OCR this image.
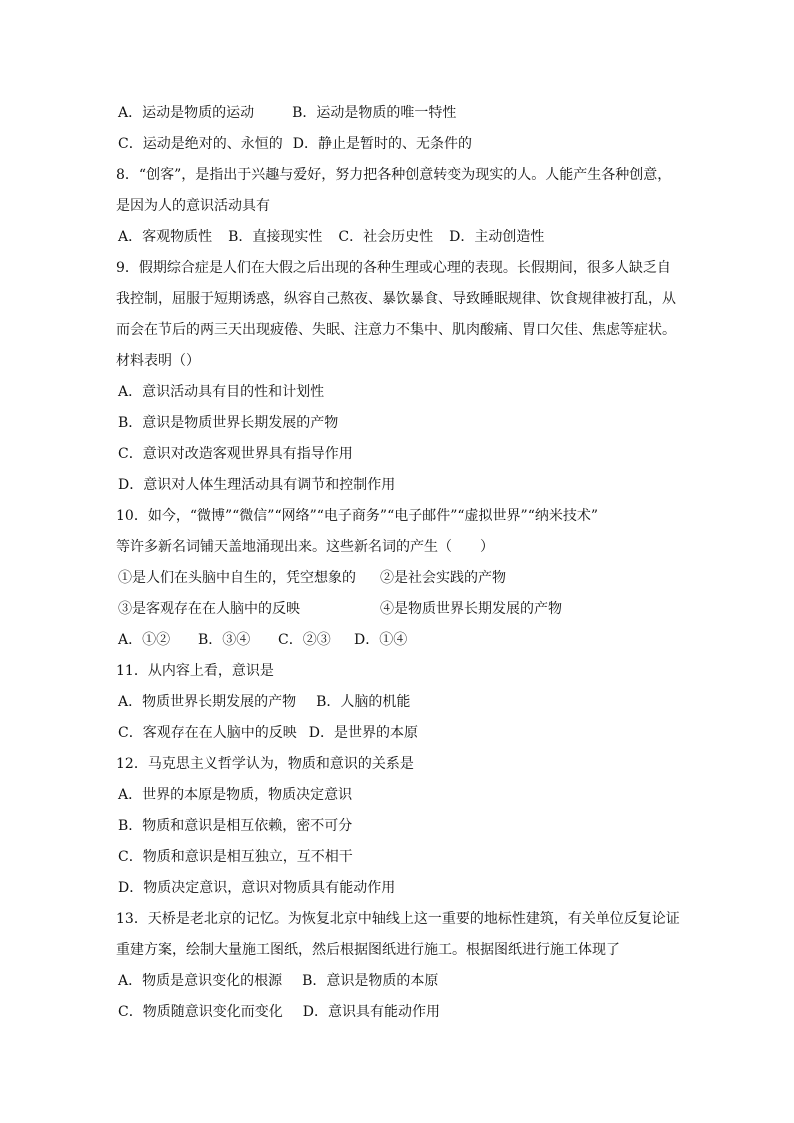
A．运动是物质的运动	B．运动是物质的唯一特性
C．运动是绝对的、永恒的 D．静止是暂时的、无条件的
8．“创客”，是指出于兴趣与爱好，努力把各种创意转变为现实的人。人能产生各种创意，
是因为人的意识活动具有
A．客观物质性 B．直接现实性 C．社会历史性 D．主动创造性
9．假期综合症是人们在大假之后出现的各种生理或心理的表现。长假期间，很多人缺乏自
我控制，屈服于短期诱惑，纵容自己熬夜、暴饮暴食、导致睡眠规律、饮食规律被打乱，从
而会在节后的两三天出现疲倦、失眠、注意力不集中、肌肉酸痛、胃口欠佳、焦虑等症状。
材料表明（）
A．意识活动具有目的性和计划性
B．意识是物质世界长期发展的产物
C．意识对改造客观世界具有指导作用
D．意识对人体生理活动具有调节和控制作用
10．如今，“微博”“微信”“网络”“电子商务”“电子邮件”“虚拟世界”“纳米技术”
等许多新名词铺天盖地涌现出来。这些新名词的产生（　　）
①是人们在头脑中自生的，凭空想象的 ②是社会实践的产物
③是客观存在在人脑中的反映	④是物质世界长期发展的产物
A．①② B．③④ C．②③ D．①④
11．从内容上看，意识是
A．物质世界长期发展的产物 B．人脑的机能
C．客观存在在人脑中的反映 D．是世界的本原
12．马克思主义哲学认为，物质和意识的关系是
A．世界的本原是物质，物质决定意识
B．物质和意识是相互依赖，密不可分
C．物质和意识是相互独立，互不相干
D．物质决定意识，意识对物质具有能动作用
13．天桥是老北京的记忆。为恢复北京中轴线上这一重要的地标性建筑，有关单位反复论证
重建方案，绘制大量施工图纸，然后根据图纸进行施工。根据图纸进行施工体现了
A．物质是意识变化的根源 B．意识是物质的本原
C．物质随意识变化而变化 D．意识具有能动作用
